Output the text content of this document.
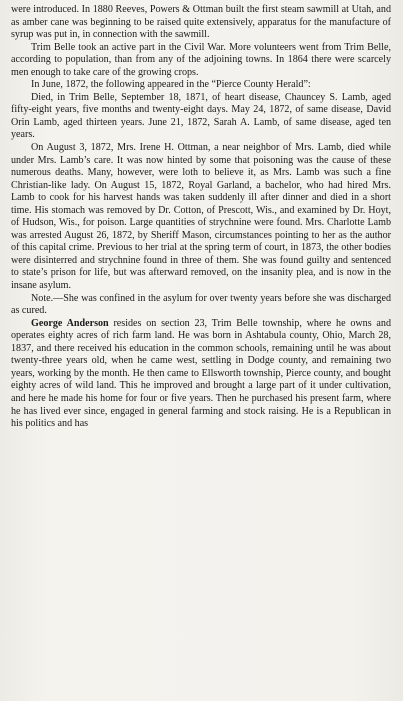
were introduced. In 1880 Reeves, Powers & Ottman built the first steam sawmill at Utah, and as amber cane was beginning to be raised quite extensively, apparatus for the manufacture of syrup was put in, in connection with the sawmill.

Trim Belle took an active part in the Civil War. More volunteers went from Trim Belle, according to population, than from any of the adjoining towns. In 1864 there were scarcely men enough to take care of the growing crops.

In June, 1872, the following appeared in the “Pierce County Herald”:

Died, in Trim Belle, September 18, 1871, of heart disease, Chauncey S. Lamb, aged fifty-eight years, five months and twenty-eight days. May 24, 1872, of same disease, David Orin Lamb, aged thirteen years. June 21, 1872, Sarah A. Lamb, of same disease, aged ten years.

On August 3, 1872, Mrs. Irene H. Ottman, a near neighbor of Mrs. Lamb, died while under Mrs. Lamb’s care. It was now hinted by some that poisoning was the cause of these numerous deaths. Many, however, were loth to believe it, as Mrs. Lamb was such a fine Christian-like lady. On August 15, 1872, Royal Garland, a bachelor, who had hired Mrs. Lamb to cook for his harvest hands was taken suddenly ill after dinner and died in a short time. His stomach was removed by Dr. Cotton, of Prescott, Wis., and examined by Dr. Hoyt, of Hudson, Wis., for poison. Large quantities of strychnine were found. Mrs. Charlotte Lamb was arrested August 26, 1872, by Sheriff Mason, circumstances pointing to her as the author of this capital crime. Previous to her trial at the spring term of court, in 1873, the other bodies were disinterred and strychnine found in three of them. She was found guilty and sentenced to state’s prison for life, but was afterward removed, on the insanity plea, and is now in the insane asylum.

Note.—She was confined in the asylum for over twenty years before she was discharged as cured.

George Anderson resides on section 23, Trim Belle township, where he owns and operates eighty acres of rich farm land. He was born in Ashtabula county, Ohio, March 28, 1837, and there received his education in the common schools, remaining until he was about twenty-three years old, when he came west, settling in Dodge county, and remaining two years, working by the month. He then came to Ellsworth township, Pierce county, and bought eighty acres of wild land. This he improved and brought a large part of it under cultivation, and here he made his home for four or five years. Then he purchased his present farm, where he has lived ever since, engaged in general farming and stock raising. He is a Republican in his politics and has
